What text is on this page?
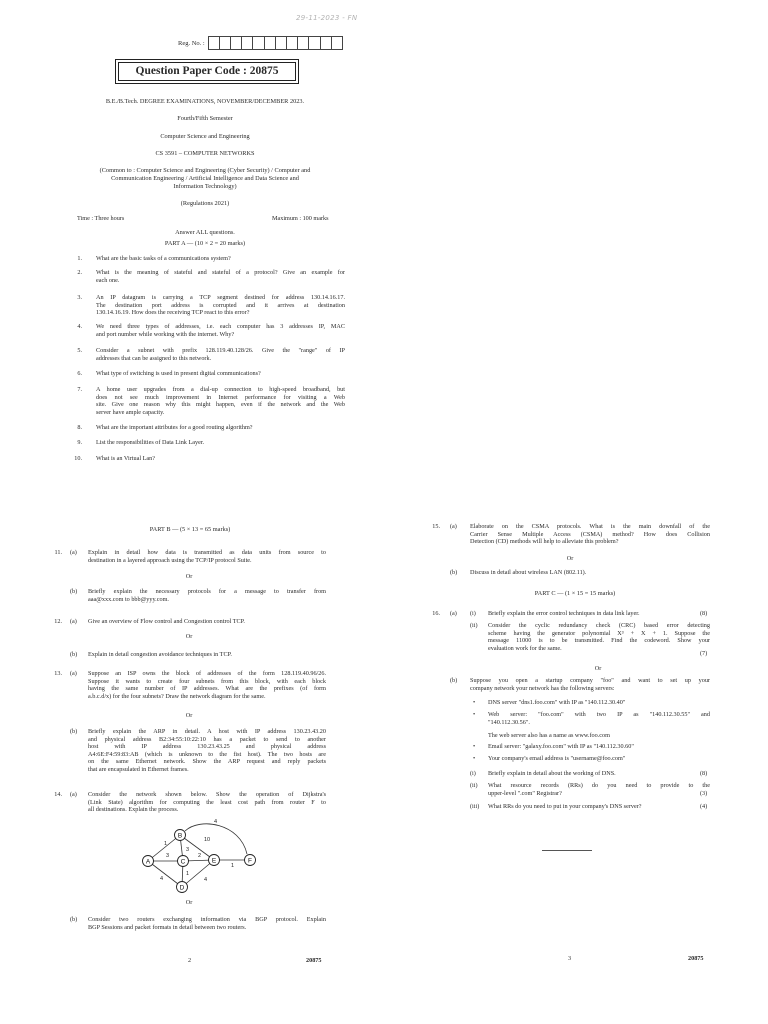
29-11-2023 - FN
Reg. No. :
Question Paper Code : 20875
B.E./B.Tech. DEGREE EXAMINATIONS, NOVEMBER/DECEMBER 2023.
Fourth/Fifth Semester
Computer Science and Engineering
CS 3591 – COMPUTER NETWORKS
(Common to : Computer Science and Engineering (Cyber Security) / Computer and
Communication Engineering / Artificial Intelligence and Data Science and
Information Technology)
(Regulations 2021)
Time : Three hours	Maximum : 100 marks
Answer ALL questions.
PART A — (10 × 2 = 20 marks)
1. What are the basic tasks of a communications system?
2. What is the meaning of stateful and stateful of a protocol? Give an example for
each one.
3. An IP datagram is carrying a TCP segment destined for address 130.14.16.17.
The destination port address is corrupted and it arrives at destination
130.14.16.19. How does the receiving TCP react to this error?
4. We need three types of addresses, i.e. each computer has 3 addresses IP, MAC
and port number while working with the internet. Why?
5. Consider a subnet with prefix 128.119.40.128/26. Give the "range" of IP
addresses that can be assigned to this network.
6. What type of switching is used in present digital communications?
7. A home user upgrades from a dial-up connection to high-speed broadband, but
does not see much improvement in Internet performance for visiting a Web
site. Give one reason why this might happen, even if the network and the Web
server have ample capacity.
8. What are the important attributes for a good routing algorithm?
9. List the responsibilities of Data Link Layer.
10. What is an Virtual Lan?
PART B — (5 × 13 = 65 marks)
11. (a) Explain in detail how data is transmitted as data units from source to
destination in a layered approach using the TCP/IP protocol Suite.
Or
(b) Briefly explain the necessary protocols for a message to transfer from
aaa@xxx.com to bbb@yyy.com.
12. (a) Give an overview of Flow control and Congestion control TCP.
Or
(b) Explain in detail congestion avoidance techniques in TCP.
13. (a) Suppose an ISP owns the block of addresses of the form 128.119.40.96/26.
Suppose it wants to create four subnets from this block, with each block
having the same number of IP addresses. What are the prefixes (of form
a.b.c.d/x) for the four subnets? Draw the network diagram for the same.
Or
(b) Briefly explain the ARP in detail. A host with IP address 130.23.43.20
and physical address B2:34:55:10:22:10 has a packet to send to another
host with IP address 130.23.43.25 and physical address
A4:6E:F4:59:83:AB (which is unknown to the fist host). The two hosts are
on the same Ethernet network. Show the ARP request and reply packets
that are encapsulated in Ethernet frames.
14. (a) Consider the network shown below. Show the operation of Dijkstra's
(Link State) algorithm for computing the least cost path from router F to
all destinations. Explain the process.
3
1
4
3
10
4
2
1
4
1
A
B
C
D
E	F
Or
(b) Consider two routers exchanging information via BGP protocol. Explain
BGP Sessions and packet formats in detail between two routers.
2	20875
15. (a) Elaborate on the CSMA protocols. What is the main downfall of the
Carrier Sense Multiple Access (CSMA) method? How does Collision
Detection (CD) methods will help to alleviate this problem?
Or
(b) Discuss in detail about wireless LAN (802.11).
PART C — (1 × 15 = 15 marks)
16. (a) (i) Briefly explain the error control techniques in data link layer.	(8)
(ii) Consider the cyclic redundancy check (CRC) based error detecting
scheme having the generator polynomial X³ + X + 1. Suppose the
message 11000 is to be transmitted. Find the codeword. Show your
evaluation work for the same.
(7)
Or
(b) Suppose you open a startup company "foo" and want to set up your
company network your network has the following servers:
• DNS server "dns1.foo.com" with IP as "140.112.30.40"
• Web server: "foo.com" with two IP as "140.112.30.55" and
"140.112.30.56".
The web server also has a name as www.foo.com
• Email server: "galaxy.foo.com" with IP as "140.112.30.60"
• Your company's email address is "username@foo.com"
(i) Briefly explain in detail about the working of DNS.	(8)
(ii) What resource records (RRs) do you need to provide to the
upper-level ".com" Registrar?	(3)
(iii) What RRs do you need to put in your company's DNS server?	(4)
3	20875
